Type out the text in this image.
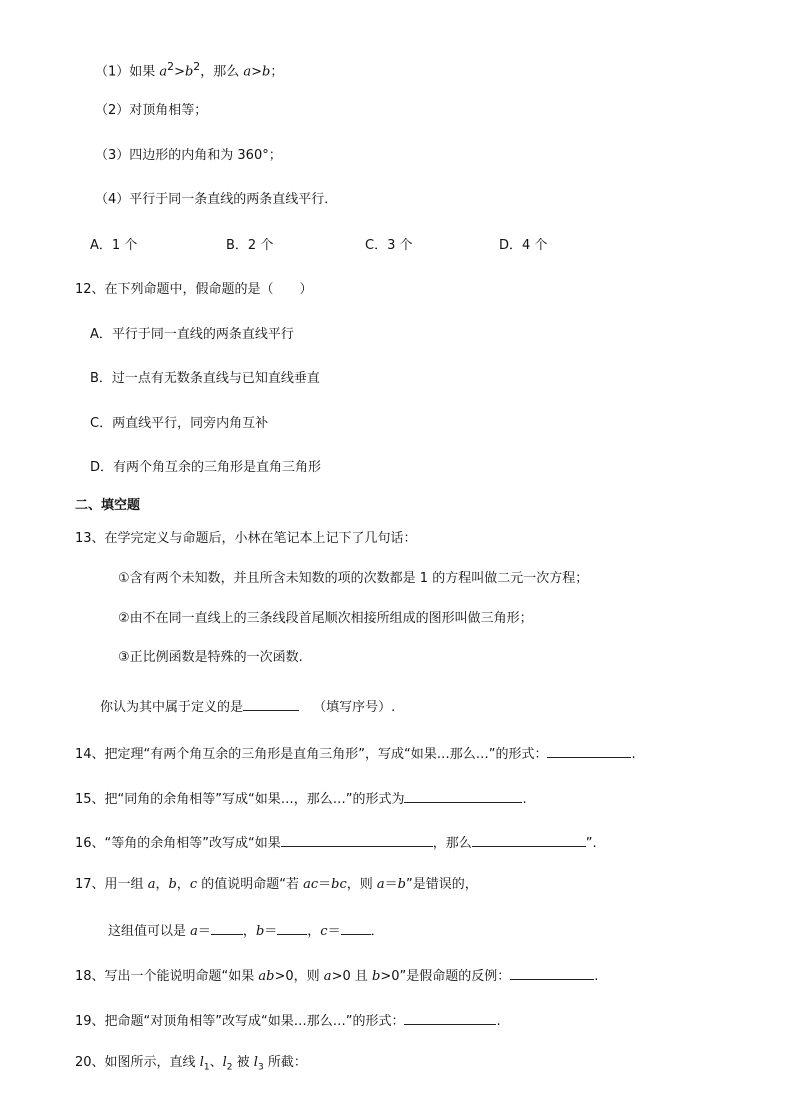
（1）如果 $a^2>b^2$，那么 a>b；
（2）对顶角相等；
（3）四边形的内角和为 360°；
（4）平行于同一条直线的两条直线平行．
A．1 个	B．2 个	C．3 个	D．4 个
12、在下列命题中，假命题的是（　　）
A．平行于同一直线的两条直线平行
B．过一点有无数条直线与已知直线垂直
C．两直线平行，同旁内角互补
D．有两个角互余的三角形是直角三角形
二、填空题
13、在学完定义与命题后，小林在笔记本上记下了几句话：
①含有两个未知数，并且所含未知数的项的次数都是 1 的方程叫做二元一次方程；
②由不在同一直线上的三条线段首尾顺次相接所组成的图形叫做三角形；
③正比例函数是特殊的一次函数.
你认为其中属于定义的是	（填写序号）.
14、把定理“有两个角互余的三角形是直角三角形”，写成“如果…那么…”的形式：	.
15、把“同角的余角相等”写成“如果…，那么…”的形式为	.
16、“等角的余角相等”改写成“如果	，那么	”.
17、用一组 a，b，c 的值说明命题“若 ac＝bc，则 a＝b”是错误的，
这组值可以是 a＝ ，b＝ ，c＝ ．
18、写出一个能说明命题“如果 ab>0，则 a>0 且 b>0”是假命题的反例：	.
19、把命题“对顶角相等”改写成“如果…那么…”的形式：	.
20、如图所示，直线 $l_1$、$l_2$ 被 $l_3$ 所截：
